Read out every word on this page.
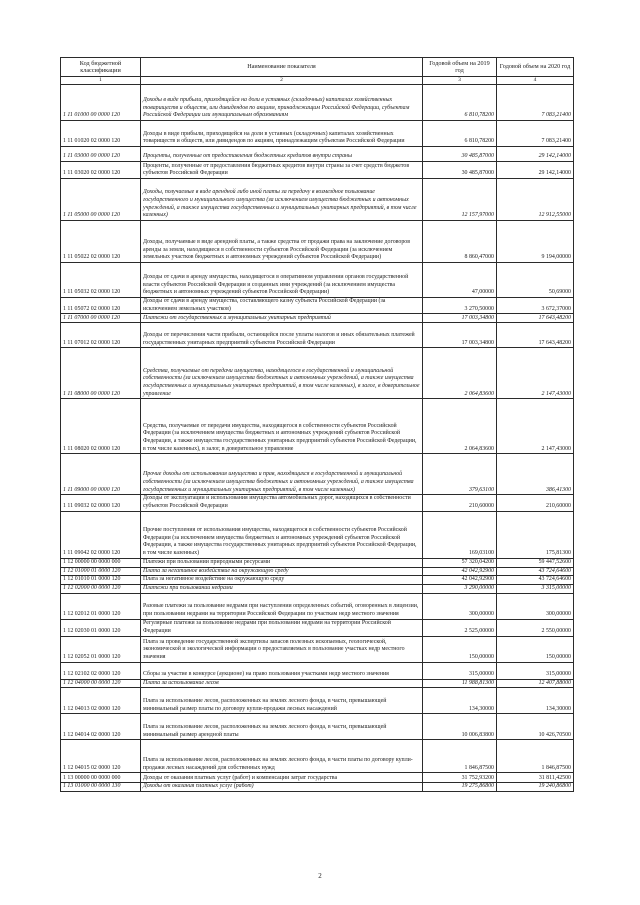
Код бюджетной классификации	Наименование показателя	Годовой объем на 2019 год	Годовой объем на 2020 год
1	2	3	4
1 11 01000 00 0000 120	Доходы в виде прибыли, приходящейся на доли в уставных (складочных) капиталах хозяйственных товариществ и обществ, или дивидендов по акциям, принадлежащим Российской Федерации, субъектам Российской Федерации или муниципальным образованиям	6 810,78200	7 083,21400
1 11 01020 02 0000 120	Доходы в виде прибыли, приходящейся на доли в уставных (складочных) капиталах хозяйственных товариществ и обществ, или дивидендов по акциям, принадлежащим субъектам Российской Федерации	6 810,78200	7 083,21400
1 11 03000 00 0000 120	Проценты, полученные от предоставления бюджетных кредитов внутри страны	30 485,87000	29 142,14000
1 11 03020 02 0000 120	Проценты, полученные от предоставления бюджетных кредитов внутри страны за счет средств бюджетов субъектов Российской Федерации	30 485,87000	29 142,14000
1 11 05000 00 0000 120	Доходы, получаемые в виде арендной либо иной платы за передачу в возмездное пользование государственного и муниципального имущества (за исключением имущества бюджетных и автономных учреждений, а также имущества государственных и муниципальных унитарных предприятий, в том числе казенных)	12 157,97000	12 912,55000
1 11 05022 02 0000 120	Доходы, получаемые в виде арендной платы, а также средства от продажи права на заключение договоров аренды за земли, находящиеся в собственности субъектов Российской Федерации (за исключением земельных участков бюджетных и автономных учреждений субъектов Российской Федерации)	8 860,47000	9 194,00000
1 11 05032 02 0000 120	Доходы от сдачи в аренду имущества, находящегося в оперативном управлении органов государственной власти субъектов Российской Федерации и созданных ими учреждений (за исключением имущества бюджетных и автономных учреждений субъектов Российской Федерации)	47,00000	50,69000
1 11 05072 02 0000 120	Доходы от сдачи в аренду имущества, составляющего казну субъекта Российской Федерации (за исключением земельных участков)	3 270,50000	3 672,37000
1 11 07000 00 0000 120	Платежи от государственных и муниципальных унитарных предприятий	17 003,34800	17 643,48200
1 11 07012 02 0000 120	Доходы от перечисления части прибыли, остающейся после уплаты налогов и иных обязательных платежей государственных унитарных предприятий субъектов Российской Федерации	17 003,34800	17 643,48200
1 11 08000 00 0000 120	Средства, получаемые от передачи имущества, находящегося в государственной и муниципальной собственности (за исключением имущества бюджетных и автономных учреждений, а также имущества государственных и муниципальных унитарных предприятий, в том числе казенных), в залог, в доверительное управление	2 064,83600	2 147,43000
1 11 08020 02 0000 120	Средства, получаемые от передачи имущества, находящегося в собственности субъектов Российской Федерации (за исключением имущества бюджетных и автономных учреждений субъектов Российской Федерации, а также имущества государственных унитарных предприятий субъектов Российской Федерации, в том числе казенных), в залог, в доверительное управление	2 064,83600	2 147,43000
1 11 09000 00 0000 120	Прочие доходы от использования имущества и прав, находящихся в государственной и муниципальной собственности (за исключением имущества бюджетных и автономных учреждений, а также имущества государственных и муниципальных унитарных предприятий, в том числе казенных)	379,63100	386,41300
1 11 09032 02 0000 120	Доходы от эксплуатации и использования имущества автомобильных дорог, находящихся в собственности субъектов Российской Федерации	210,60000	210,60000
1 11 09042 02 0000 120	Прочие поступления от использования имущества, находящегося в собственности субъектов Российской Федерации (за исключением имущества бюджетных и автономных учреждений субъектов Российской Федерации, а также имущества государственных унитарных предприятий субъектов Российской Федерации, в том числе казенных)	169,03100	175,81300
1 12 00000 00 0000 000	Платежи при пользовании природными ресурсами	57 320,04200	59 447,52600
1 12 01000 01 0000 120	Плата за негативное воздействие на окружающую среду	42 042,92900	43 724,64600
1 12 01010 01 0000 120	Плата за негативное воздействие на окружающую среду	42 042,92900	43 724,64600
1 12 02000 00 0000 120	Платежи при пользовании недрами	3 290,00000	3 315,00000
1 12 02012 01 0000 120	Разовые платежи за пользование недрами при наступлении определенных событий, оговоренных в лицензии, при пользовании недрами на территории Российской Федерации по участкам недр местного значения	300,00000	300,00000
1 12 02030 01 0000 120	Регулярные платежи за пользование недрами при пользовании недрами на территории Российской Федерации	2 525,00000	2 550,00000
1 12 02052 01 0000 120	Плата за проведение государственной экспертизы запасов полезных ископаемых, геологической, экономической и экологической информации о предоставляемых в пользование участках недр местного значения	150,00000	150,00000
1 12 02102 02 0000 120	Сборы за участие в конкурсе (аукционе) на право пользования участками недр местного значения	315,00000	315,00000
1 12 04000 00 0000 120	Плата за использование лесов	11 988,81300	12 407,88000
1 12 04013 02 0000 120	Плата за использование лесов, расположенных на землях лесного фонда, в части, превышающей минимальный размер платы по договору купли-продажи лесных насаждений	134,30000	134,30000
1 12 04014 02 0000 120	Плата за использование лесов, расположенных на землях лесного фонда, в части, превышающей минимальный размер арендной платы	10 006,83800	10 426,70500
1 12 04015 02 0000 120	Плата за использование лесов, расположенных на землях лесного фонда, в части платы по договору купли-продажи лесных насаждений для собственных нужд	1 846,87500	1 846,87500
1 13 00000 00 0000 000	Доходы от оказания платных услуг (работ) и компенсации затрат государства	31 752,93200	31 811,42500
1 13 01000 00 0000 130	Доходы от оказания платных услуг (работ)	19 275,86800	19 240,86800
2
